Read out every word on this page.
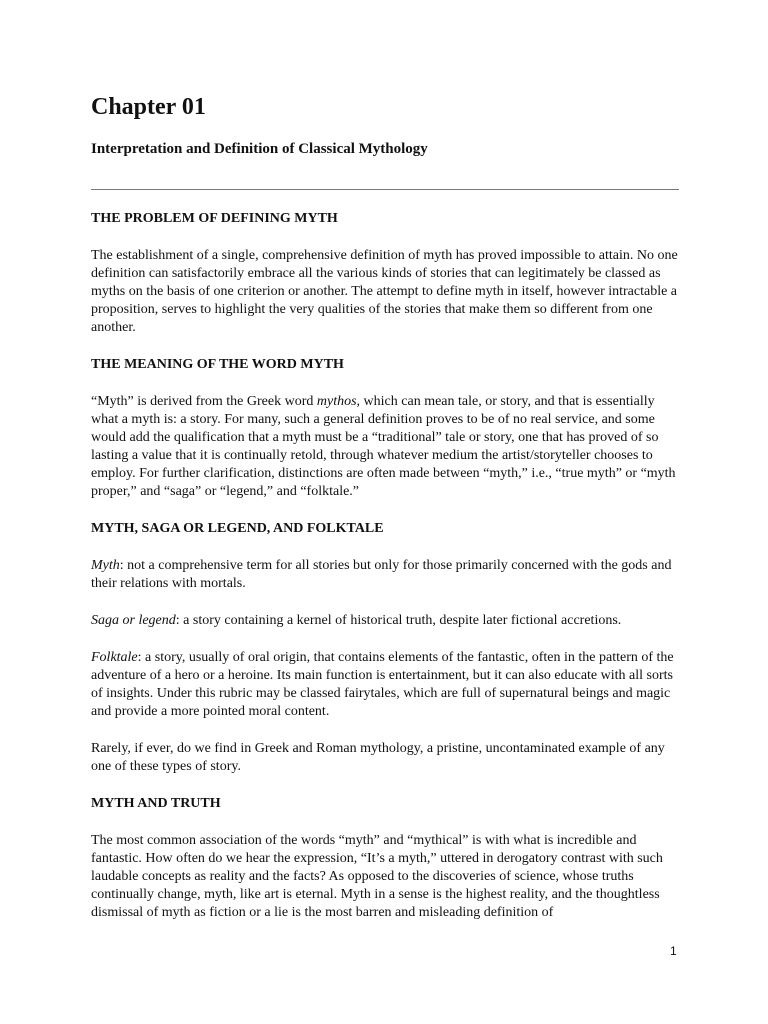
Chapter 01
Interpretation and Definition of Classical Mythology
THE PROBLEM OF DEFINING MYTH

The establishment of a single, comprehensive definition of myth has proved impossible to attain. No one definition can satisfactorily embrace all the various kinds of stories that can legitimately be classed as myths on the basis of one criterion or another. The attempt to define myth in itself, however intractable a proposition, serves to highlight the very qualities of the stories that make them so different from one another.

THE MEANING OF THE WORD MYTH

“Myth” is derived from the Greek word mythos, which can mean tale, or story, and that is essentially what a myth is: a story. For many, such a general definition proves to be of no real service, and some would add the qualification that a myth must be a “traditional” tale or story, one that has proved of so lasting a value that it is continually retold, through whatever medium the artist/storyteller chooses to employ. For further clarification, distinctions are often made between “myth,” i.e., “true myth” or “myth proper,” and “saga” or “legend,” and “folktale.”

MYTH, SAGA OR LEGEND, AND FOLKTALE

Myth: not a comprehensive term for all stories but only for those primarily concerned with the gods and their relations with mortals.

Saga or legend: a story containing a kernel of historical truth, despite later fictional accretions.

Folktale: a story, usually of oral origin, that contains elements of the fantastic, often in the pattern of the adventure of a hero or a heroine. Its main function is entertainment, but it can also educate with all sorts of insights. Under this rubric may be classed fairytales, which are full of supernatural beings and magic and provide a more pointed moral content.

Rarely, if ever, do we find in Greek and Roman mythology, a pristine, uncontaminated example of any one of these types of story.

MYTH AND TRUTH

The most common association of the words “myth” and “mythical” is with what is incredible and fantastic. How often do we hear the expression, “It’s a myth,” uttered in derogatory contrast with such laudable concepts as reality and the facts? As opposed to the discoveries of science, whose truths continually change, myth, like art is eternal. Myth in a sense is the highest reality, and the thoughtless dismissal of myth as fiction or a lie is the most barren and misleading definition of

1
